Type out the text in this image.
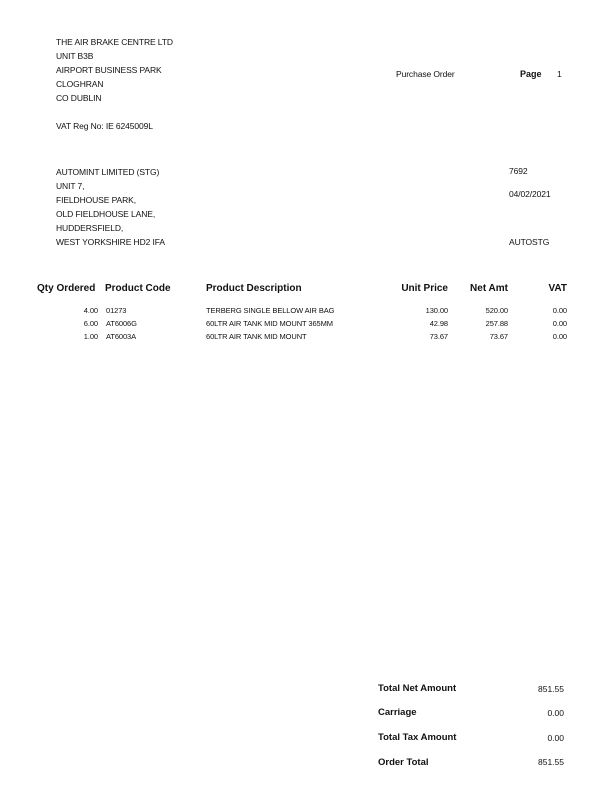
THE AIR BRAKE CENTRE LTD
UNIT B3B
AIRPORT BUSINESS PARK
CLOGHRAN
CO DUBLIN
VAT Reg No: IE 6245009L
Purchase Order	Page 1
AUTOMINT LIMITED (STG)
UNIT 7,
FIELDHOUSE PARK,
OLD FIELDHOUSE LANE,
HUDDERSFIELD,
WEST YORKSHIRE HD2 IFA
7692
04/02/2021
AUTOSTG
Qty Ordered Product Code	Product Description	Unit Price	Net Amt	VAT
4.00 01273	TERBERG SINGLE BELLOW AIR BAG	130.00	520.00	0.00
6.00 AT6006G	60LTR AIR TANK MID MOUNT 365MM	42.98	257.88	0.00
1.00 AT6003A	60LTR AIR TANK MID MOUNT	73.67	73.67	0.00
Total Net Amount	851.55
Carriage	0.00
Total Tax Amount	0.00
Order Total	851.55
